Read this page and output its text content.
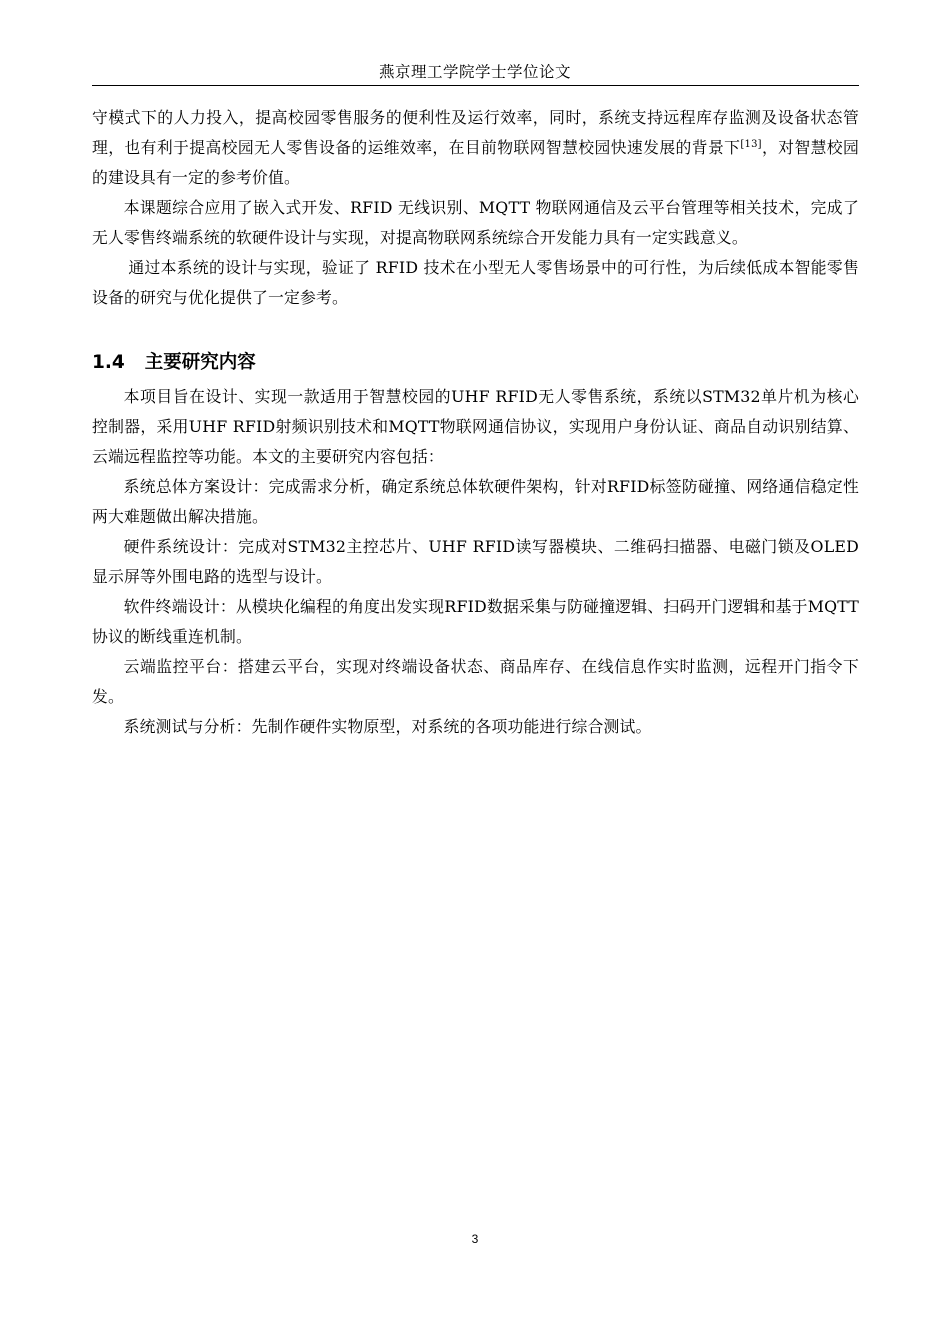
燕京理工学院学士学位论文

守模式下的人力投入，提高校园零售服务的便利性及运行效率，同时，系统支持远程库存监测及设备状态管理，也有利于提高校园无人零售设备的运维效率，在目前物联网智慧校园快速发展的背景下[13]，对智慧校园的建设具有一定的参考价值。

本课题综合应用了嵌入式开发、RFID 无线识别、MQTT 物联网通信及云平台管理等相关技术，完成了无人零售终端系统的软硬件设计与实现，对提高物联网系统综合开发能力具有一定实践意义。

通过本系统的设计与实现，验证了 RFID 技术在小型无人零售场景中的可行性，为后续低成本智能零售设备的研究与优化提供了一定参考。

1.4 主要研究内容

本项目旨在设计、实现一款适用于智慧校园的UHF RFID无人零售系统，系统以STM32单片机为核心控制器，采用UHF RFID射频识别技术和MQTT物联网通信协议，实现用户身份认证、商品自动识别结算、云端远程监控等功能。本文的主要研究内容包括：

系统总体方案设计：完成需求分析，确定系统总体软硬件架构，针对RFID标签防碰撞、网络通信稳定性两大难题做出解决措施。

硬件系统设计：完成对STM32主控芯片、UHF RFID读写器模块、二维码扫描器、电磁门锁及OLED显示屏等外围电路的选型与设计。

软件终端设计：从模块化编程的角度出发实现RFID数据采集与防碰撞逻辑、扫码开门逻辑和基于MQTT协议的断线重连机制。

云端监控平台：搭建云平台，实现对终端设备状态、商品库存、在线信息作实时监测，远程开门指令下发。

系统测试与分析：先制作硬件实物原型，对系统的各项功能进行综合测试。

3
